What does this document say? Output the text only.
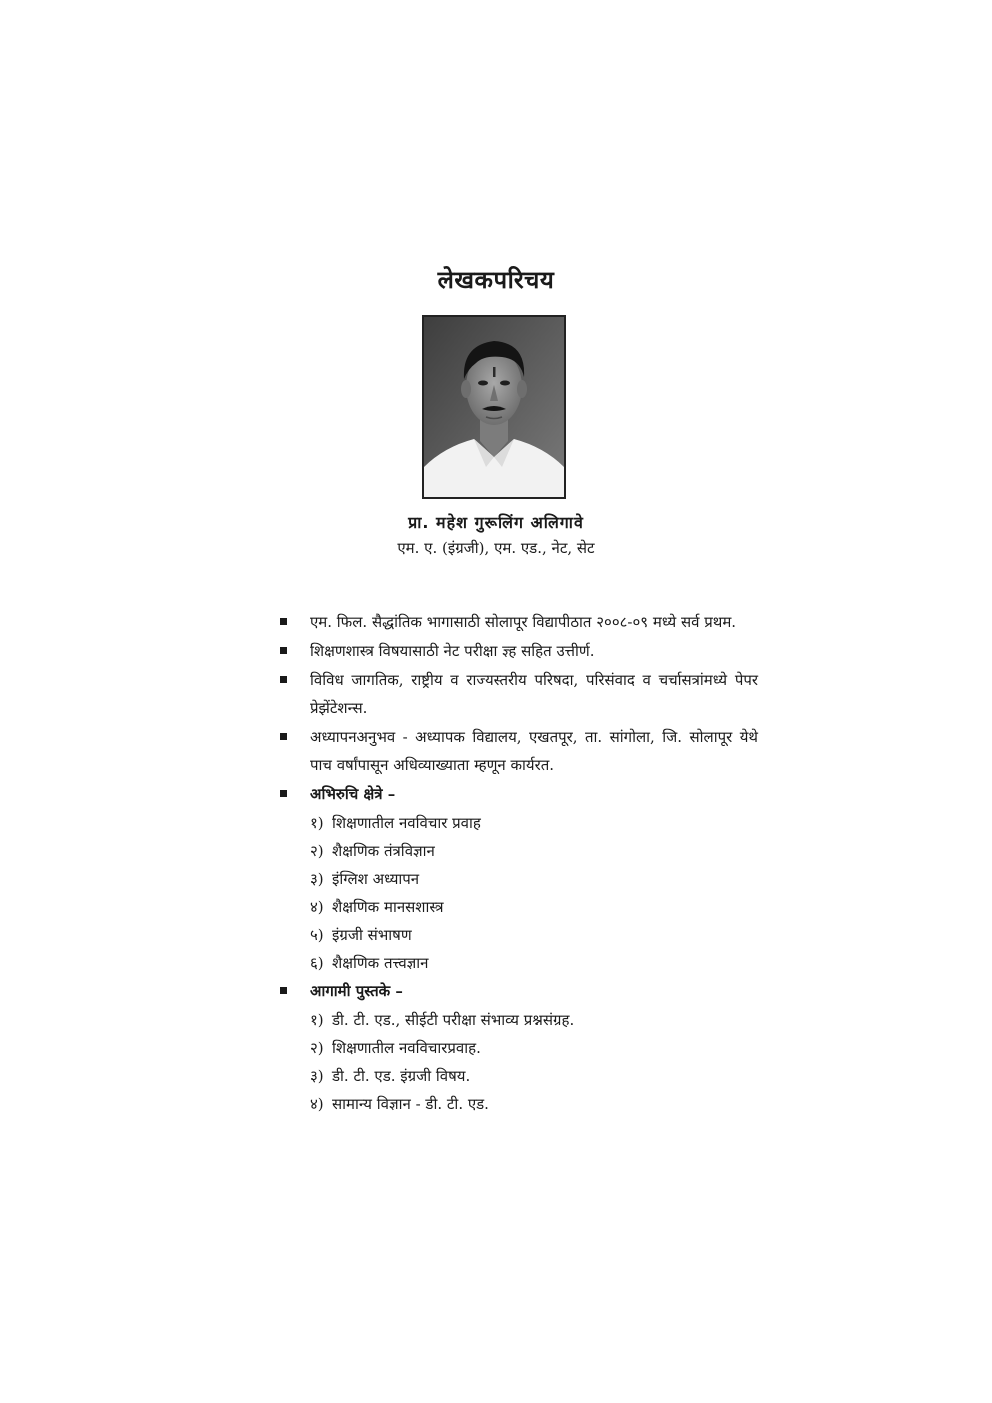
लेखकपरिचय
प्रा. महेश गुरूलिंग अलिगावे
एम. ए. (इंग्रजी), एम. एड., नेट, सेट
एम. फिल. सैद्धांतिक भागासाठी सोलापूर विद्यापीठात २००८-०९ मध्ये सर्व प्रथम.
शिक्षणशास्त्र विषयासाठी नेट परीक्षा ज्ञ्ह सहित उत्तीर्ण.
विविध जागतिक, राष्ट्रीय व राज्यस्तरीय परिषदा, परिसंवाद व चर्चासत्रांमध्ये पेपर प्रेझेंटेशन्स.
अध्यापनअनुभव - अध्यापक विद्यालय, एखतपूर, ता. सांगोला, जि. सोलापूर येथे पाच वर्षांपासून अधिव्याख्याता म्हणून कार्यरत.
अभिरुचि क्षेत्रे –
१) शिक्षणातील नवविचार प्रवाह
२) शैक्षणिक तंत्रविज्ञान
३) इंग्लिश अध्यापन
४) शैक्षणिक मानसशास्त्र
५) इंग्रजी संभाषण
६) शैक्षणिक तत्त्वज्ञान
आगामी पुस्तके –
१) डी. टी. एड., सीईटी परीक्षा संभाव्य प्रश्नसंग्रह.
२) शिक्षणातील नवविचारप्रवाह.
३) डी. टी. एड. इंग्रजी विषय.
४) सामान्य विज्ञान - डी. टी. एड.
